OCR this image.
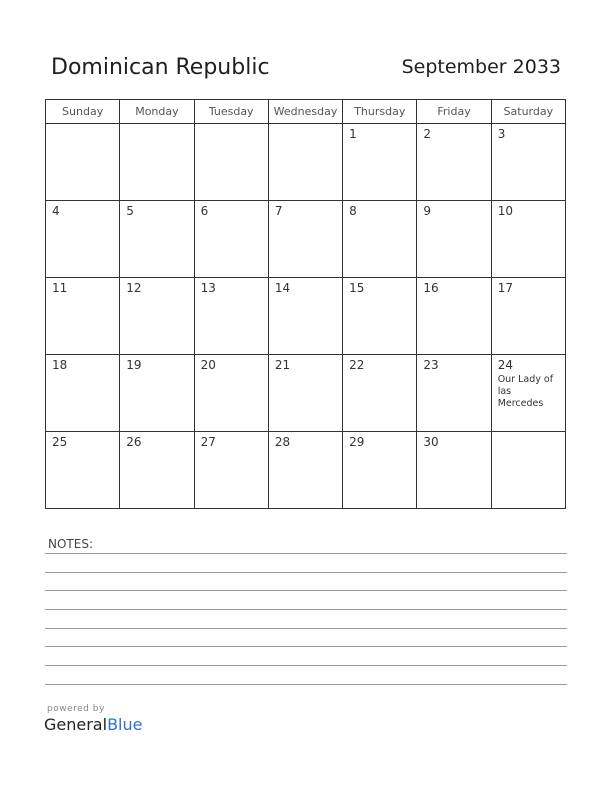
Dominican Republic	September 2033
Sunday	Monday	Tuesday	Wednesday	Thursday	Friday	Saturday

				1	2	3

4	5	6	7	8	9	10

11	12	13	14	15	16	17

18	19	20	21	22	23	24
Our Lady of
las
Mercedes

25	26	27	28	29	30	

NOTES:
powered by
GeneralBlue
